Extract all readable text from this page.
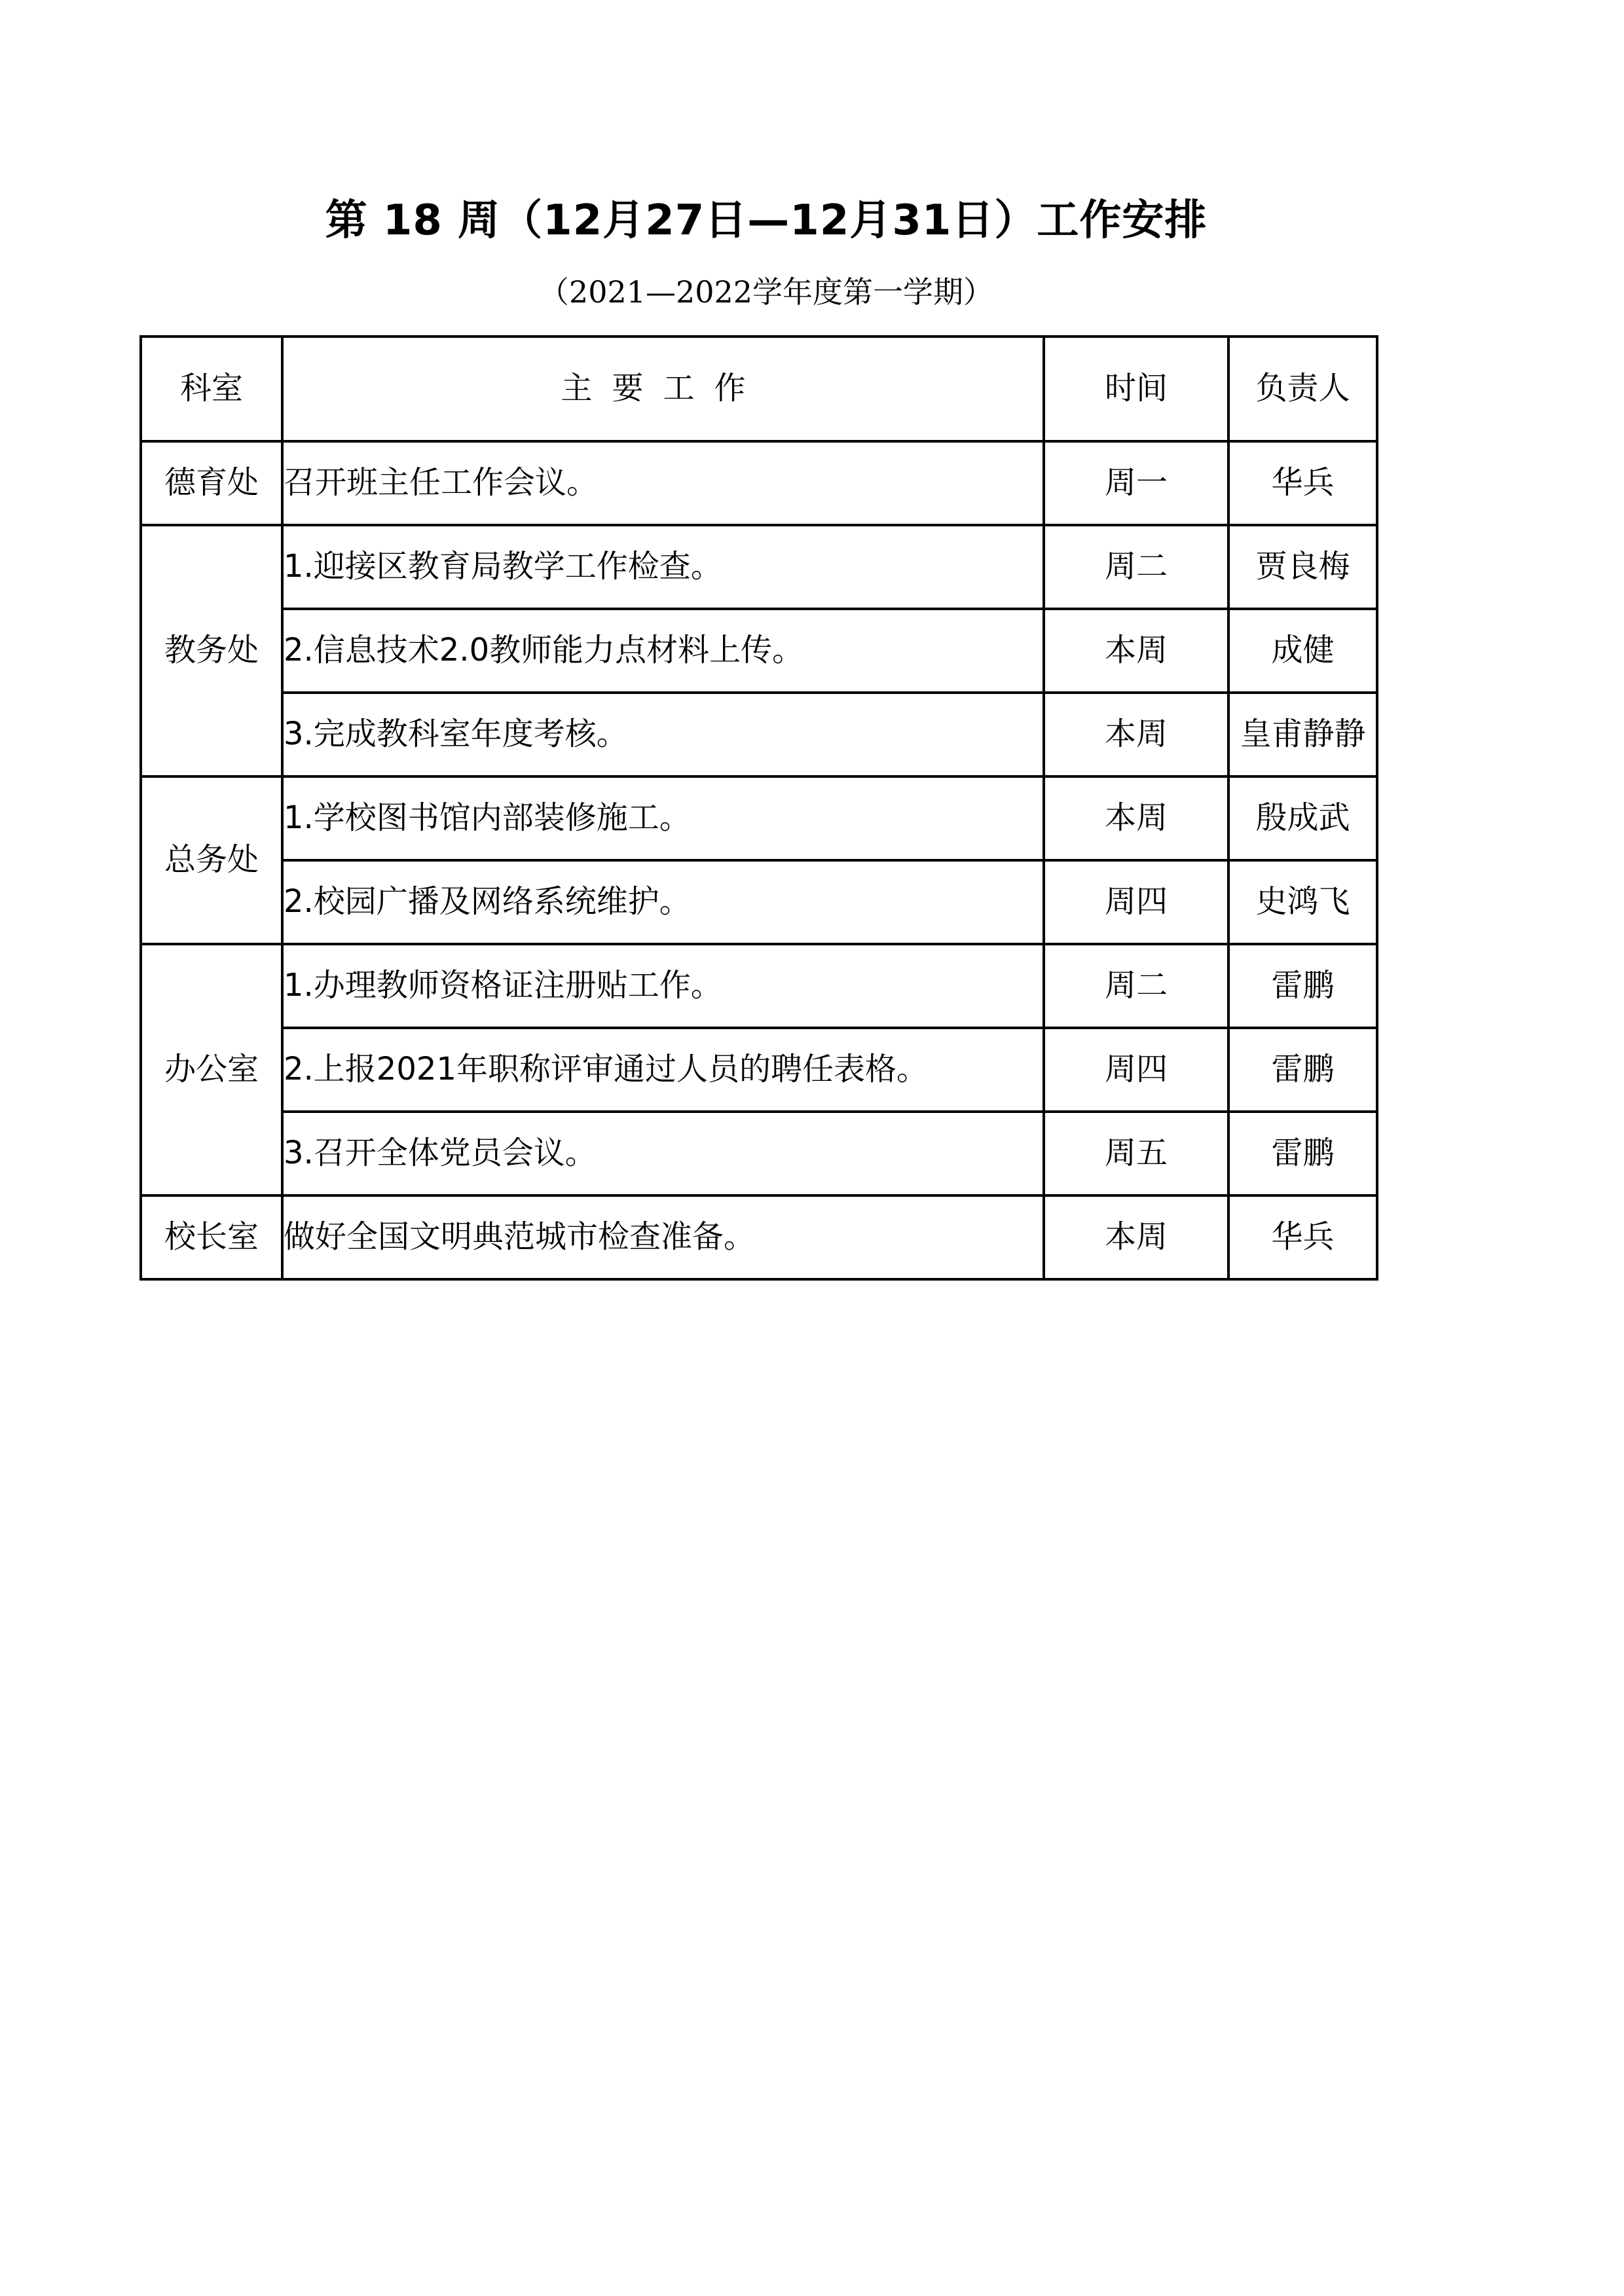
第 18 周（12月27日—12月31日）工作安排
（2021—2022学年度第一学期）
科室	主要工作	时间	负责人
德育处	召开班主任工作会议。	周一	华兵
教务处	1.迎接区教育局教学工作检查。	周二	贾良梅
	2.信息技术2.0教师能力点材料上传。	本周	成健
	3.完成教科室年度考核。	本周	皇甫静静
总务处	1.学校图书馆内部装修施工。	本周	殷成武
	2.校园广播及网络系统维护。	周四	史鸿飞
办公室	1.办理教师资格证注册贴工作。	周二	雷鹏
	2.上报2021年职称评审通过人员的聘任表格。	周四	雷鹏
	3.召开全体党员会议。	周五	雷鹏
校长室	做好全国文明典范城市检查准备。	本周	华兵
